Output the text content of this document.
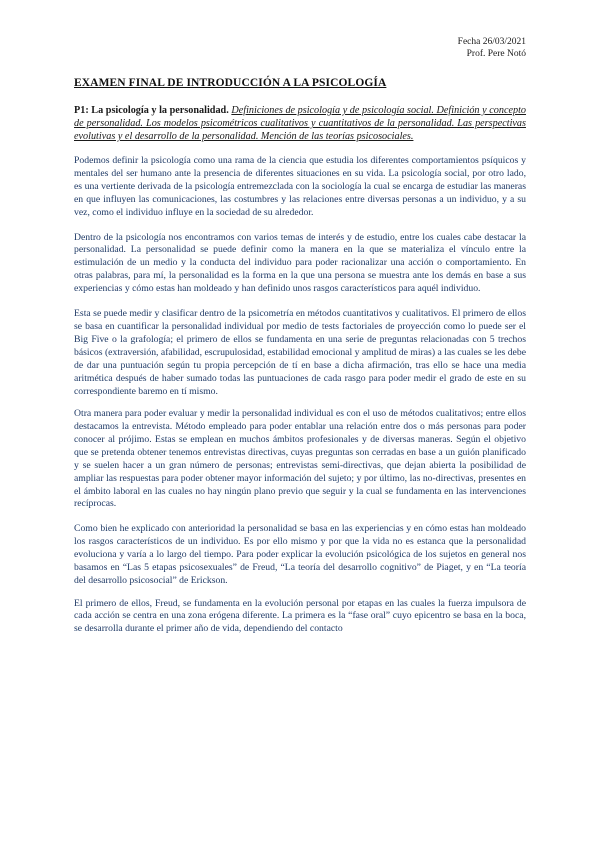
Fecha 26/03/2021
Prof. Pere Notó
EXAMEN FINAL DE INTRODUCCIÓN A LA PSICOLOGÍA
P1: La psicología y la personalidad. Definiciones de psicología y de psicología social. Definición y concepto de personalidad. Los modelos psicométricos cualitativos y cuantitativos de la personalidad. Las perspectivas evolutivas y el desarrollo de la personalidad. Mención de las teorías psicosociales.

Podemos definir la psicología como una rama de la ciencia que estudia los diferentes comportamientos psíquicos y mentales del ser humano ante la presencia de diferentes situaciones en su vida. La psicología social, por otro lado, es una vertiente derivada de la psicología entremezclada con la sociología la cual se encarga de estudiar las maneras en que influyen las comunicaciones, las costumbres y las relaciones entre diversas personas a un individuo, y a su vez, como el individuo influye en la sociedad de su alrededor.

Dentro de la psicología nos encontramos con varios temas de interés y de estudio, entre los cuales cabe destacar la personalidad. La personalidad se puede definir como la manera en la que se materializa el vínculo entre la estimulación de un medio y la conducta del individuo para poder racionalizar una acción o comportamiento. En otras palabras, para mí, la personalidad es la forma en la que una persona se muestra ante los demás en base a sus experiencias y cómo estas han moldeado y han definido unos rasgos característicos para aquél individuo.

Esta se puede medir y clasificar dentro de la psicometría en métodos cuantitativos y cualitativos. El primero de ellos se basa en cuantificar la personalidad individual por medio de tests factoriales de proyección como lo puede ser el Big Five o la grafología; el primero de ellos se fundamenta en una serie de preguntas relacionadas con 5 trechos básicos (extraversión, afabilidad, escrupulosidad, estabilidad emocional y amplitud de miras) a las cuales se les debe de dar una puntuación según tu propia percepción de tí en base a dicha afirmación, tras ello se hace una media aritmética después de haber sumado todas las puntuaciones de cada rasgo para poder medir el grado de este en su correspondiente baremo en tí mismo.

Otra manera para poder evaluar y medir la personalidad individual es con el uso de métodos cualitativos; entre ellos destacamos la entrevista. Método empleado para poder entablar una relación entre dos o más personas para poder conocer al prójimo. Estas se emplean en muchos ámbitos profesionales y de diversas maneras. Según el objetivo que se pretenda obtener tenemos entrevistas directivas, cuyas preguntas son cerradas en base a un guión planificado y se suelen hacer a un gran número de personas; entrevistas semi-directivas, que dejan abierta la posibilidad de ampliar las respuestas para poder obtener mayor información del sujeto; y por último, las no-directivas, presentes en el ámbito laboral en las cuales no hay ningún plano previo que seguir y la cual se fundamenta en las intervenciones recíprocas.

Como bien he explicado con anterioridad la personalidad se basa en las experiencias y en cómo estas han moldeado los rasgos característicos de un individuo. Es por ello mismo y por que la vida no es estanca que la personalidad evoluciona y varía a lo largo del tiempo. Para poder explicar la evolución psicológica de los sujetos en general nos basamos en “Las 5 etapas psicosexuales” de Freud, “La teoría del desarrollo cognitivo” de Piaget, y en “La teoría del desarrollo psicosocial” de Erickson.

El primero de ellos, Freud, se fundamenta en la evolución personal por etapas en las cuales la fuerza impulsora de cada acción se centra en una zona erógena diferente. La primera es la “fase oral” cuyo epicentro se basa en la boca, se desarrolla durante el primer año de vida, dependiendo del contacto
